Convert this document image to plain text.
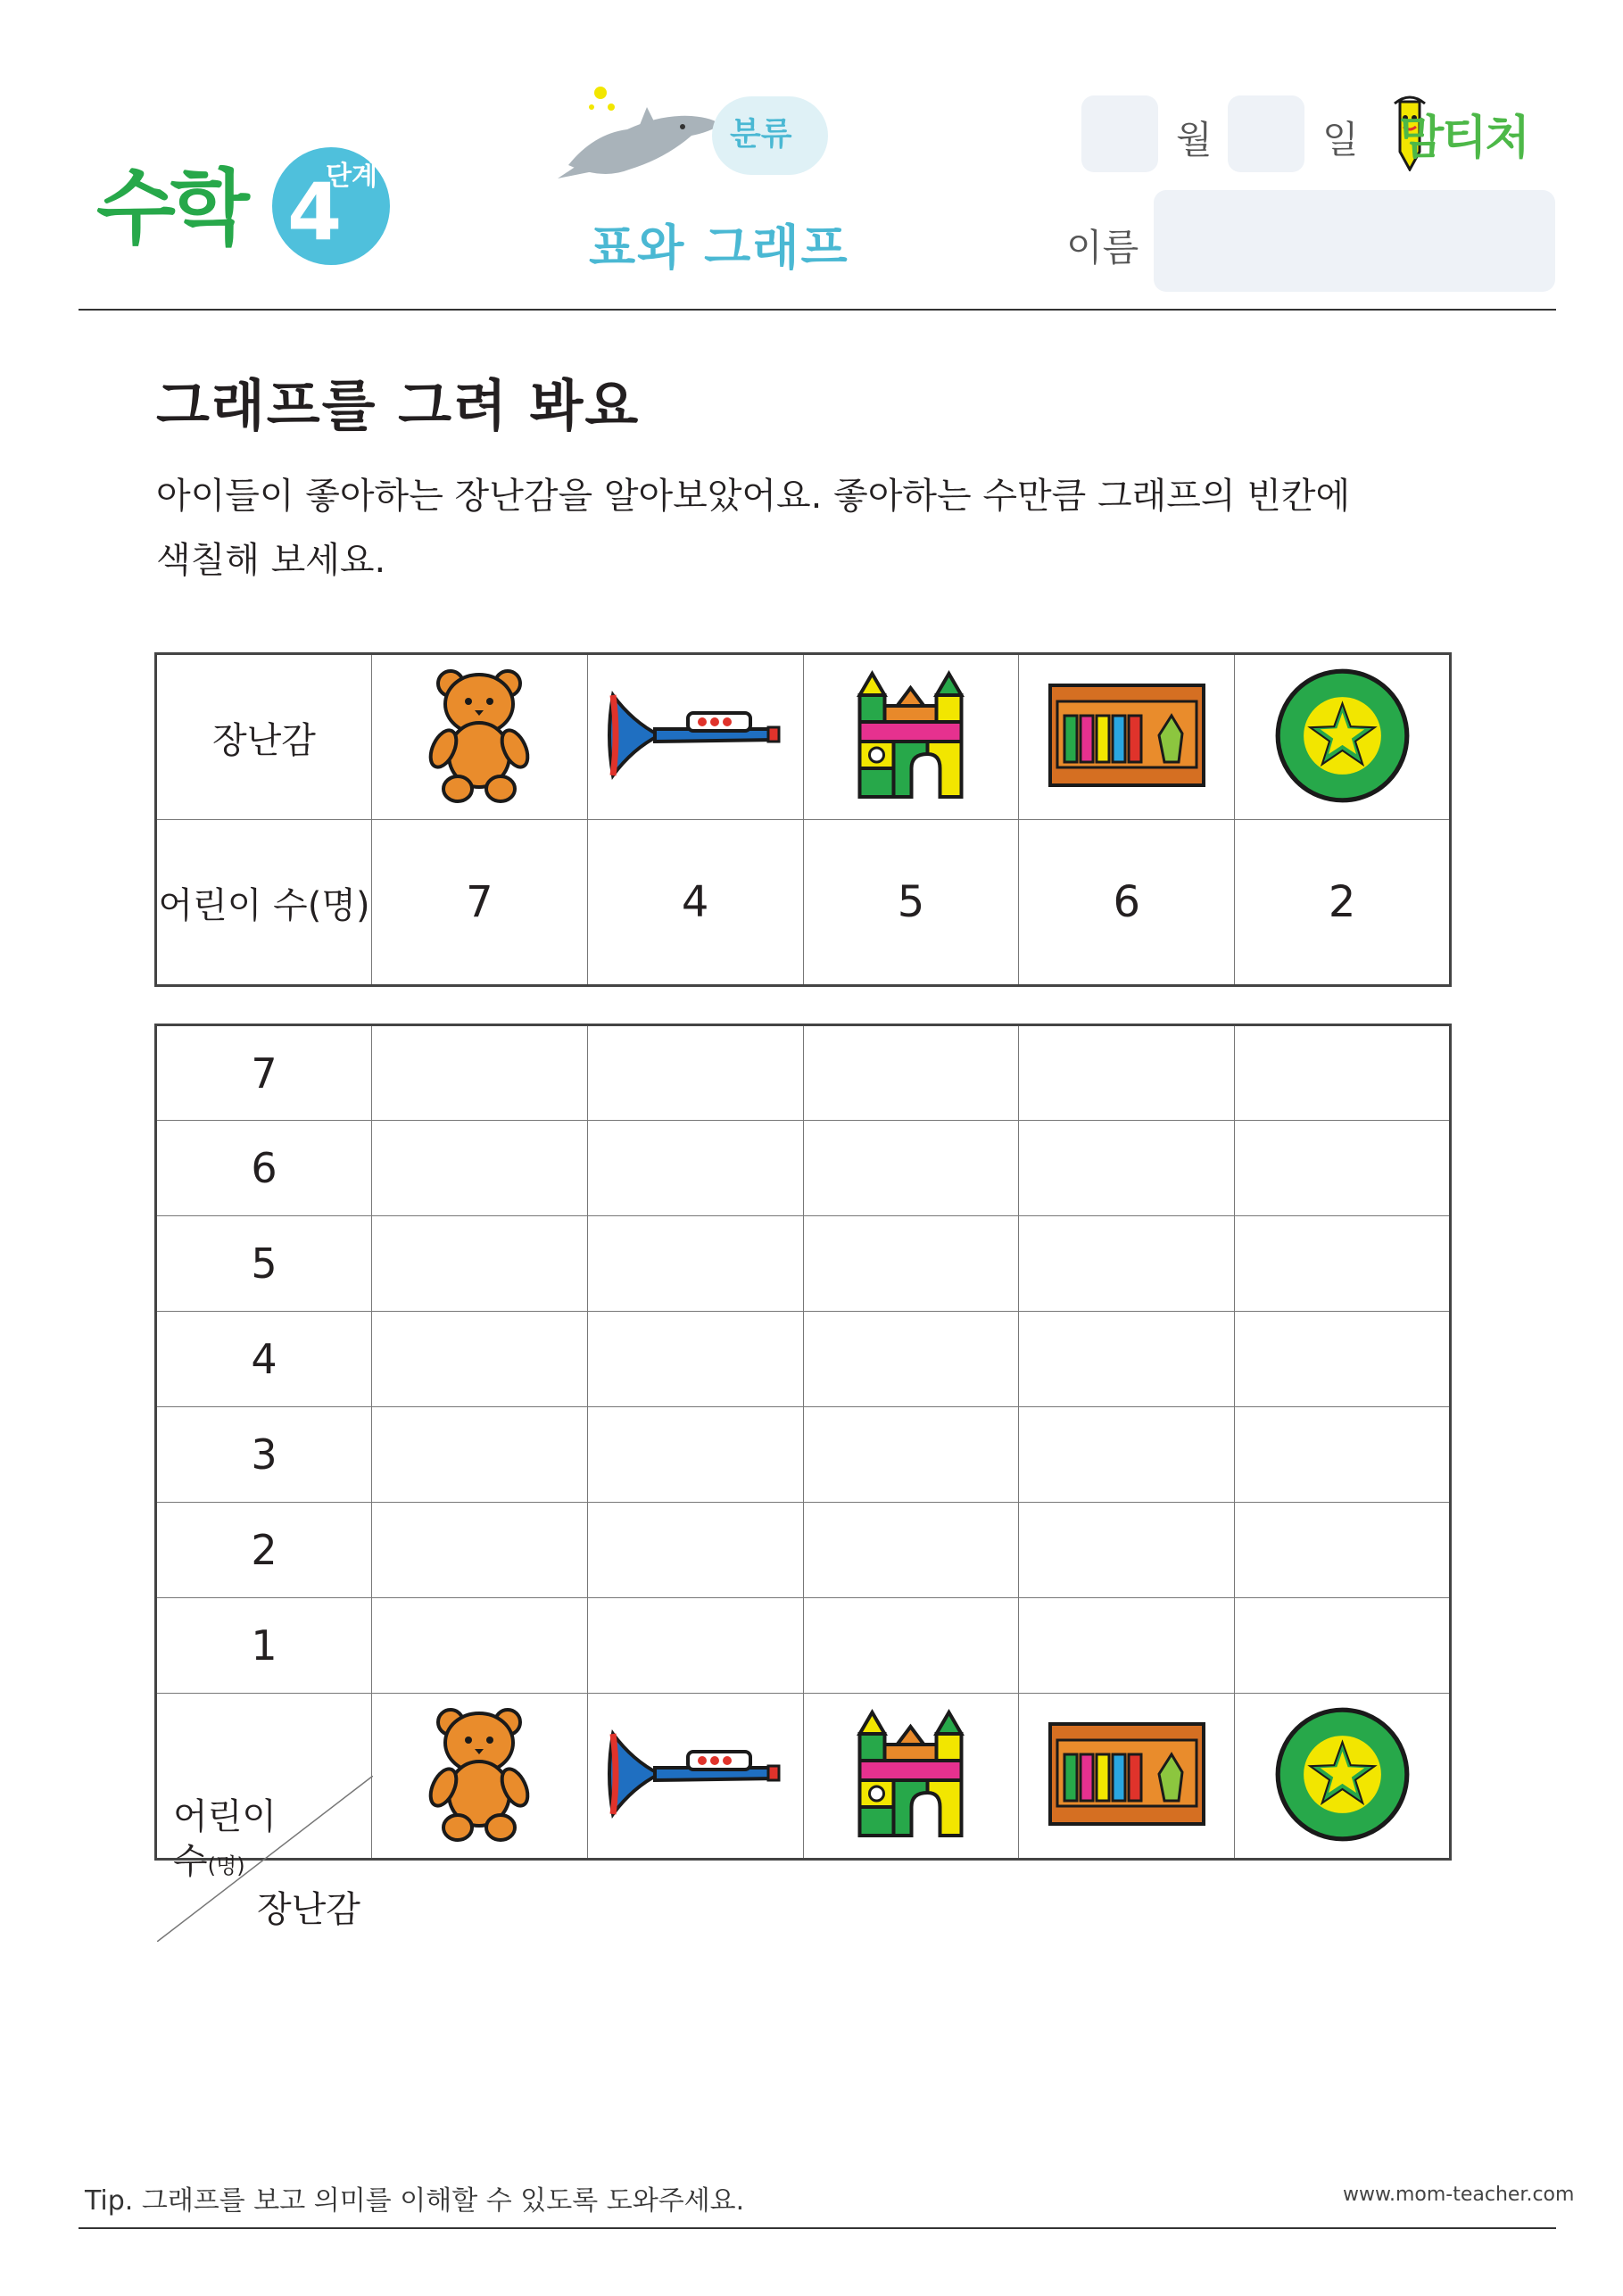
수학	단계
4
분류
표와 그래프
월	일
이름
맘티처
그래프를 그려 봐요
아이들이 좋아하는 장난감을 알아보았어요. 좋아하는 수만큼 그래프의 빈칸에
색칠해 보세요.
장난감					
어린이 수(명)	7	4	5	6	2
7					
6					
5					
4					
3					
2					
1					

어린이
수(명)
장난감

Tip. 그래프를 보고 의미를 이해할 수 있도록 도와주세요.	www.mom-teacher.com
